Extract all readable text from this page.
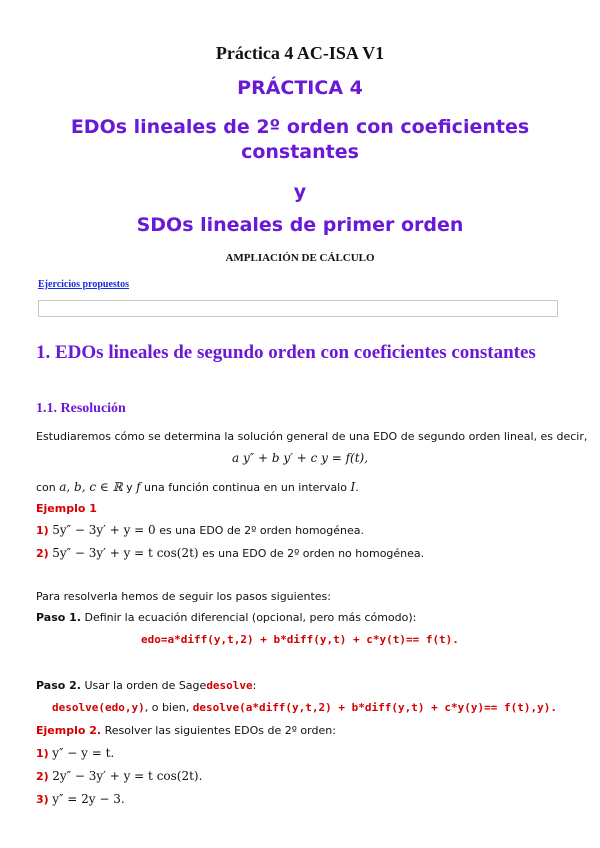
Práctica 4 AC-ISA V1
PRÁCTICA 4
EDOs lineales de 2º orden con coeficientes
constantes
y
SDOs lineales de primer orden
AMPLIACIÓN DE CÁLCULO
Ejercicios propuestos
1. EDOs lineales de segundo orden con coeficientes constantes
1.1. Resolución
Estudiaremos cómo se determina la solución general de una EDO de segundo orden lineal, es decir,
a y″ + b y′ + c y = f(t),
con a, b, c ∈ ℝ y f una función continua en un intervalo I.
Ejemplo 1
1) 5y″ − 3y′ + y = 0 es una EDO de 2º orden homogénea.
2) 5y″ − 3y′ + y = t cos(2t) es una EDO de 2º orden no homogénea.
Para resolverla hemos de seguir los pasos siguientes:
Paso 1. Definir la ecuación diferencial (opcional, pero más cómodo):
edo=a*diff(y,t,2) + b*diff(y,t) + c*y(t)== f(t).
Paso 2. Usar la orden de Sagedesolve:
desolve(edo,y), o bien, desolve(a*diff(y,t,2) + b*diff(y,t) + c*y(y)== f(t),y).
Ejemplo 2. Resolver las siguientes EDOs de 2º orden:
1) y″ − y = t.
2) 2y″ − 3y′ + y = t cos(2t).
3) y″ = 2y − 3.
